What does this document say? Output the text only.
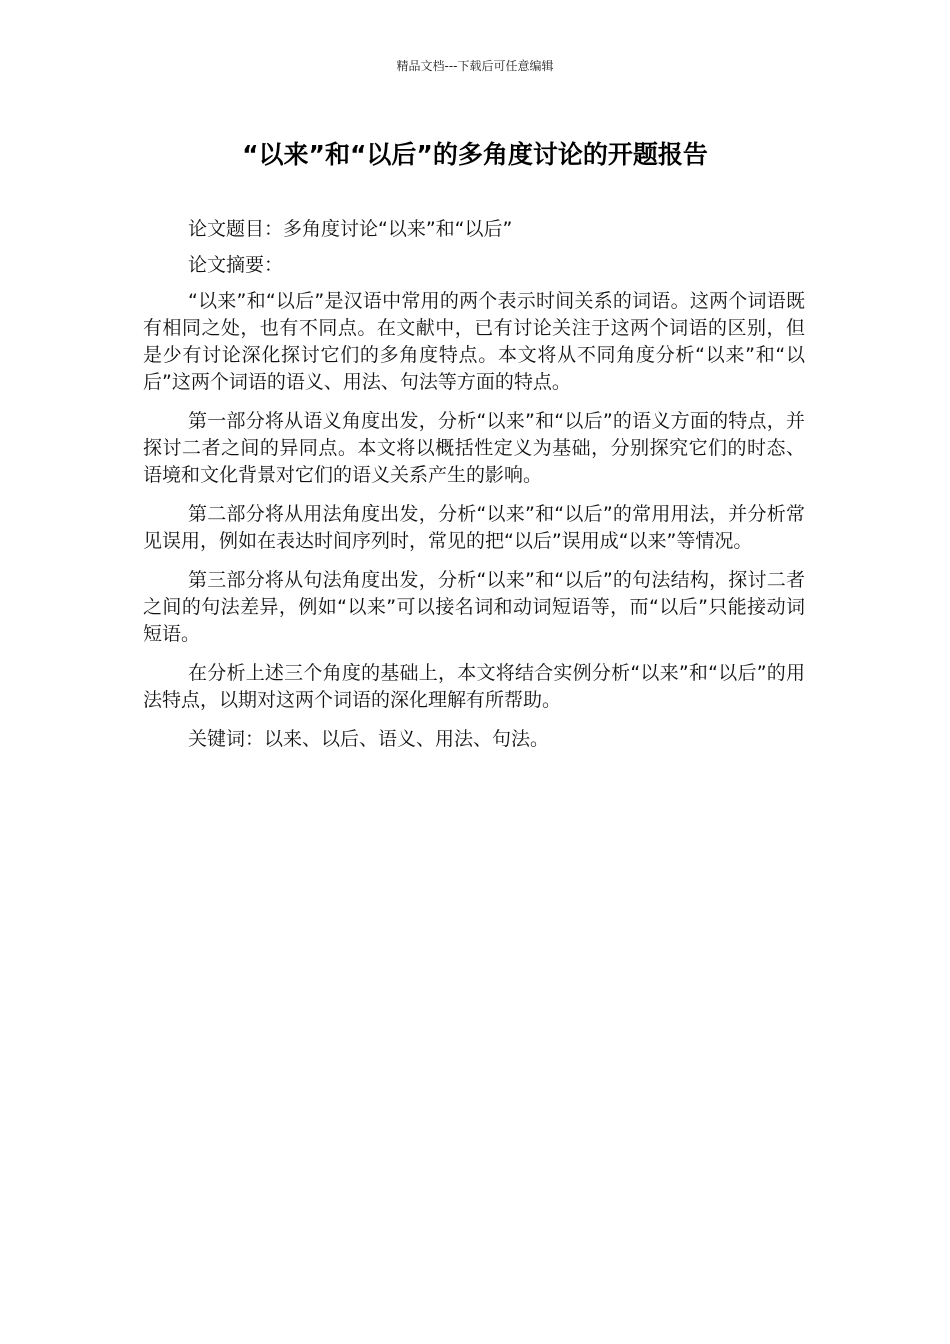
精品文档---下载后可任意编辑
“以来”和“以后”的多角度讨论的开题报告

论文题目：多角度讨论“以来”和“以后”

论文摘要：

“以来”和“以后”是汉语中常用的两个表示时间关系的词语。这两个词语既有相同之处，也有不同点。在文献中，已有讨论关注于这两个词语的区别，但是少有讨论深化探讨它们的多角度特点。本文将从不同角度分析“以来”和“以后”这两个词语的语义、用法、句法等方面的特点。

第一部分将从语义角度出发，分析“以来”和“以后”的语义方面的特点，并探讨二者之间的异同点。本文将以概括性定义为基础，分别探究它们的时态、语境和文化背景对它们的语义关系产生的影响。

第二部分将从用法角度出发，分析“以来”和“以后”的常用用法，并分析常见误用，例如在表达时间序列时，常见的把“以后”误用成“以来”等情况。

第三部分将从句法角度出发，分析“以来”和“以后”的句法结构，探讨二者之间的句法差异，例如“以来”可以接名词和动词短语等，而“以后”只能接动词短语。

在分析上述三个角度的基础上，本文将结合实例分析“以来”和“以后”的用法特点，以期对这两个词语的深化理解有所帮助。

关键词：以来、以后、语义、用法、句法。
